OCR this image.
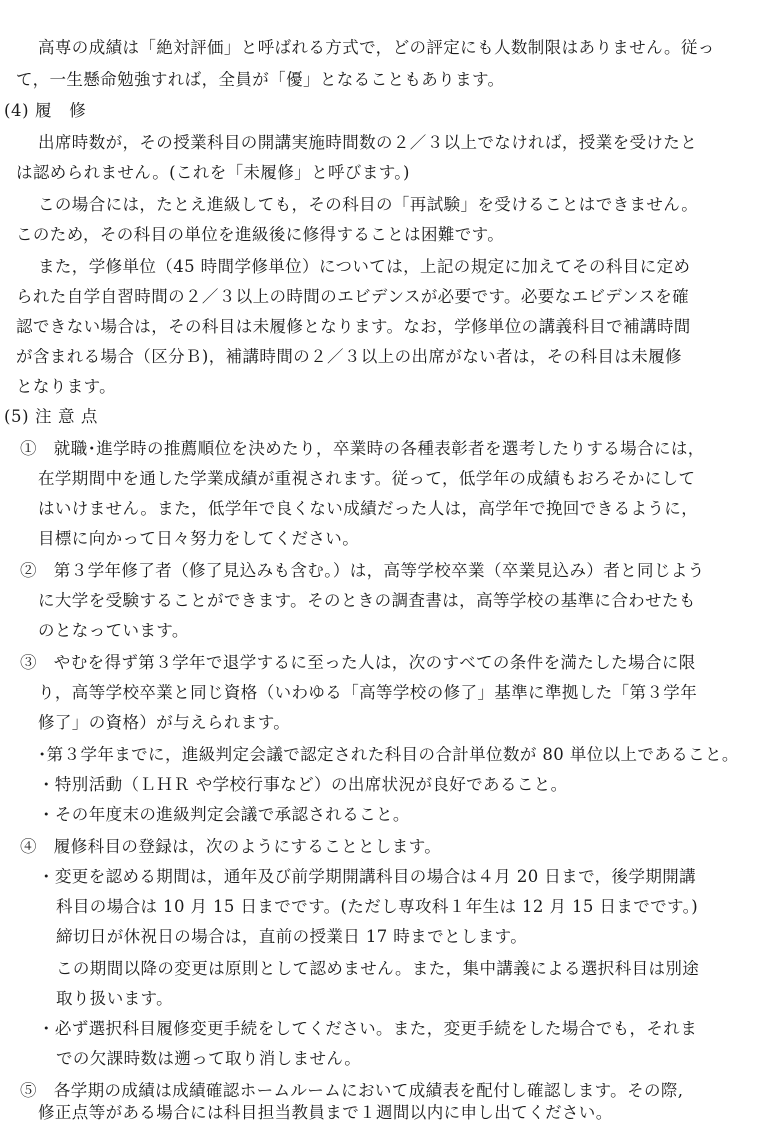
高専の成績は「絶対評価」と呼ばれる方式で，どの評定にも人数制限はありません。従っ

て，一生懸命勉強すれば，全員が「優」となることもあります。

(4) 履　修

出席時数が，その授業科目の開講実施時間数の２／３以上でなければ，授業を受けたと

は認められません。(これを「未履修」と呼びます。)

この場合には，たとえ進級しても，その科目の「再試験」を受けることはできません。

このため，その科目の単位を進級後に修得することは困難です。

また，学修単位（45 時間学修単位）については，上記の規定に加えてその科目に定め

られた自学自習時間の２／３以上の時間のエビデンスが必要です。必要なエビデンスを確

認できない場合は，その科目は未履修となります。なお，学修単位の講義科目で補講時間

が含まれる場合（区分Ｂ)，補講時間の２／３以上の出席がない者は，その科目は未履修

となります。

(5) 注 意 点

①　就職･進学時の推薦順位を決めたり，卒業時の各種表彰者を選考したりする場合には，

在学期間中を通した学業成績が重視されます。従って，低学年の成績もおろそかにして

はいけません。また，低学年で良くない成績だった人は，高学年で挽回できるように，

目標に向かって日々努力をしてください。

②　第３学年修了者（修了見込みも含む。）は，高等学校卒業（卒業見込み）者と同じよう

に大学を受験することができます。そのときの調査書は，高等学校の基準に合わせたも

のとなっています。

③　やむを得ず第３学年で退学するに至った人は，次のすべての条件を満たした場合に限

り，高等学校卒業と同じ資格（いわゆる「高等学校の修了」基準に準拠した「第３学年

修了」の資格）が与えられます。

･第３学年までに，進級判定会議で認定された科目の合計単位数が 80 単位以上であること。

・特別活動（ＬＨＲ や学校行事など）の出席状況が良好であること。

・その年度末の進級判定会議で承認されること。

④　履修科目の登録は，次のようにすることとします。

・変更を認める期間は，通年及び前学期開講科目の場合は４月 20 日まで，後学期開講

科目の場合は 10 月 15 日までです。(ただし専攻科１年生は 12 月 15 日までです。)

締切日が休祝日の場合は，直前の授業日 17 時までとします。

この期間以降の変更は原則として認めません。また，集中講義による選択科目は別途

取り扱います。

・必ず選択科目履修変更手続をしてください。また，変更手続をした場合でも，それま

での欠課時数は遡って取り消しません。

⑤　各学期の成績は成績確認ホームルームにおいて成績表を配付し確認します。その際,

修正点等がある場合には科目担当教員まで１週間以内に申し出てください。
